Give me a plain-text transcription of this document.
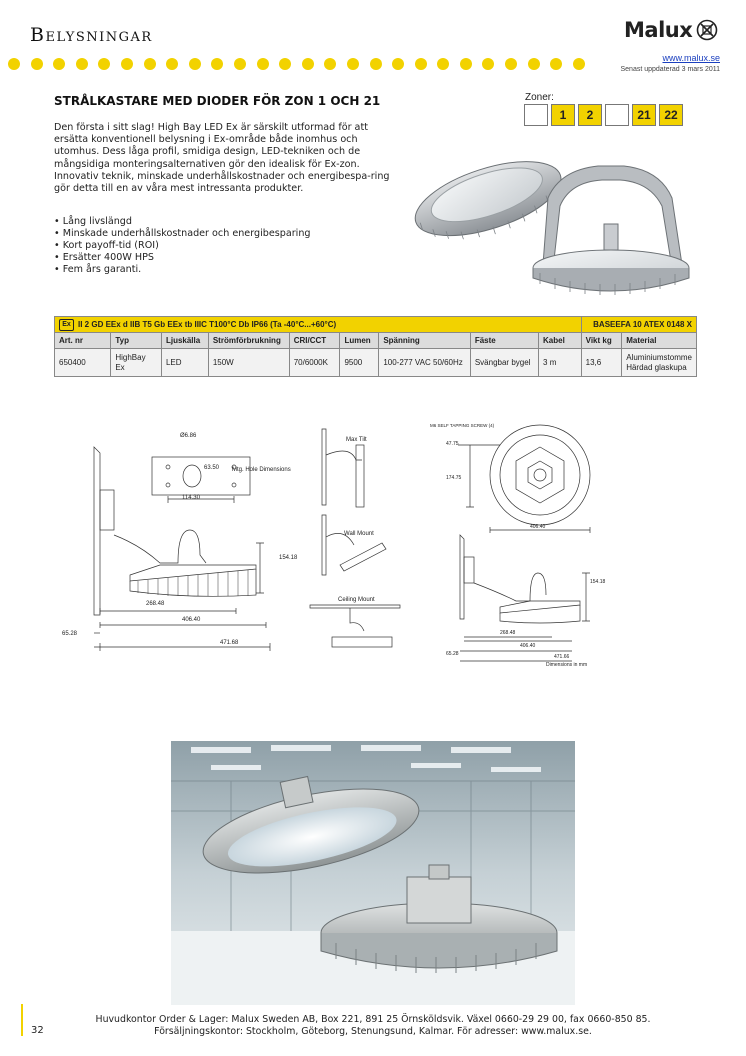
Belysningar	Malux
www.malux.se
Senast uppdaterad 3 mars 2011
STRÅLKASTARE MED DIODER FÖR ZON 1 OCH 21
Den första i sitt slag! High Bay LED Ex är särskilt utformad för att ersätta konventionell belysning i Ex-område både inomhus och utomhus. Dess låga profil, smidiga design, LED-tekniken och de mångsidiga monteringsalternativen gör den idealisk för Ex-zon. Innovativ teknik, minskade underhållskostnader och energibespa-ring gör detta till en av våra mest intressanta produkter.
• Lång livslängd
• Minskade underhållskostnader och energibesparing
• Kort payoff-tid (ROI)
• Ersätter 400W HPS
• Fem års garanti.
Zoner:
1	2	21	22
Ex II 2 GD EEx d IIB T5 Gb EEx tb IIIC T100°C Db IP66 (Ta -40°C...+60°C)									BASEEFA 10 ATEX 0148 X	
Art. nr	Typ	Ljuskälla	Strömförbrukning	CRI/CCT	Lumen	Spänning	Fäste	Kabel	Vikt kg	Material
650400	HighBay Ex	LED	150W	70/6000K	9500	100-277 VAC 50/60Hz	Svängbar bygel	3 m	13,6	Aluminiumstomme Härdad glaskupa
Ø6.86
63.50 Mtg. Hole Dimensions
114.30
154.18
268.48
406.40
65.28
471.68
Max Tilt
Wall Mount
Ceiling Mount
M6 SELF TAPPING SCREW (4)
47.75
174.75
406.40
154.18
268.48
406.40
65.28	471.66
Dimensions in mm
32
Huvudkontor Order & Lager: Malux Sweden AB, Box 221, 891 25 Örnsköldsvik. Växel 0660-29 29 00, fax 0660-850 85.
Försäljningskontor: Stockholm, Göteborg, Stenungsund, Kalmar. För adresser: www.malux.se.
